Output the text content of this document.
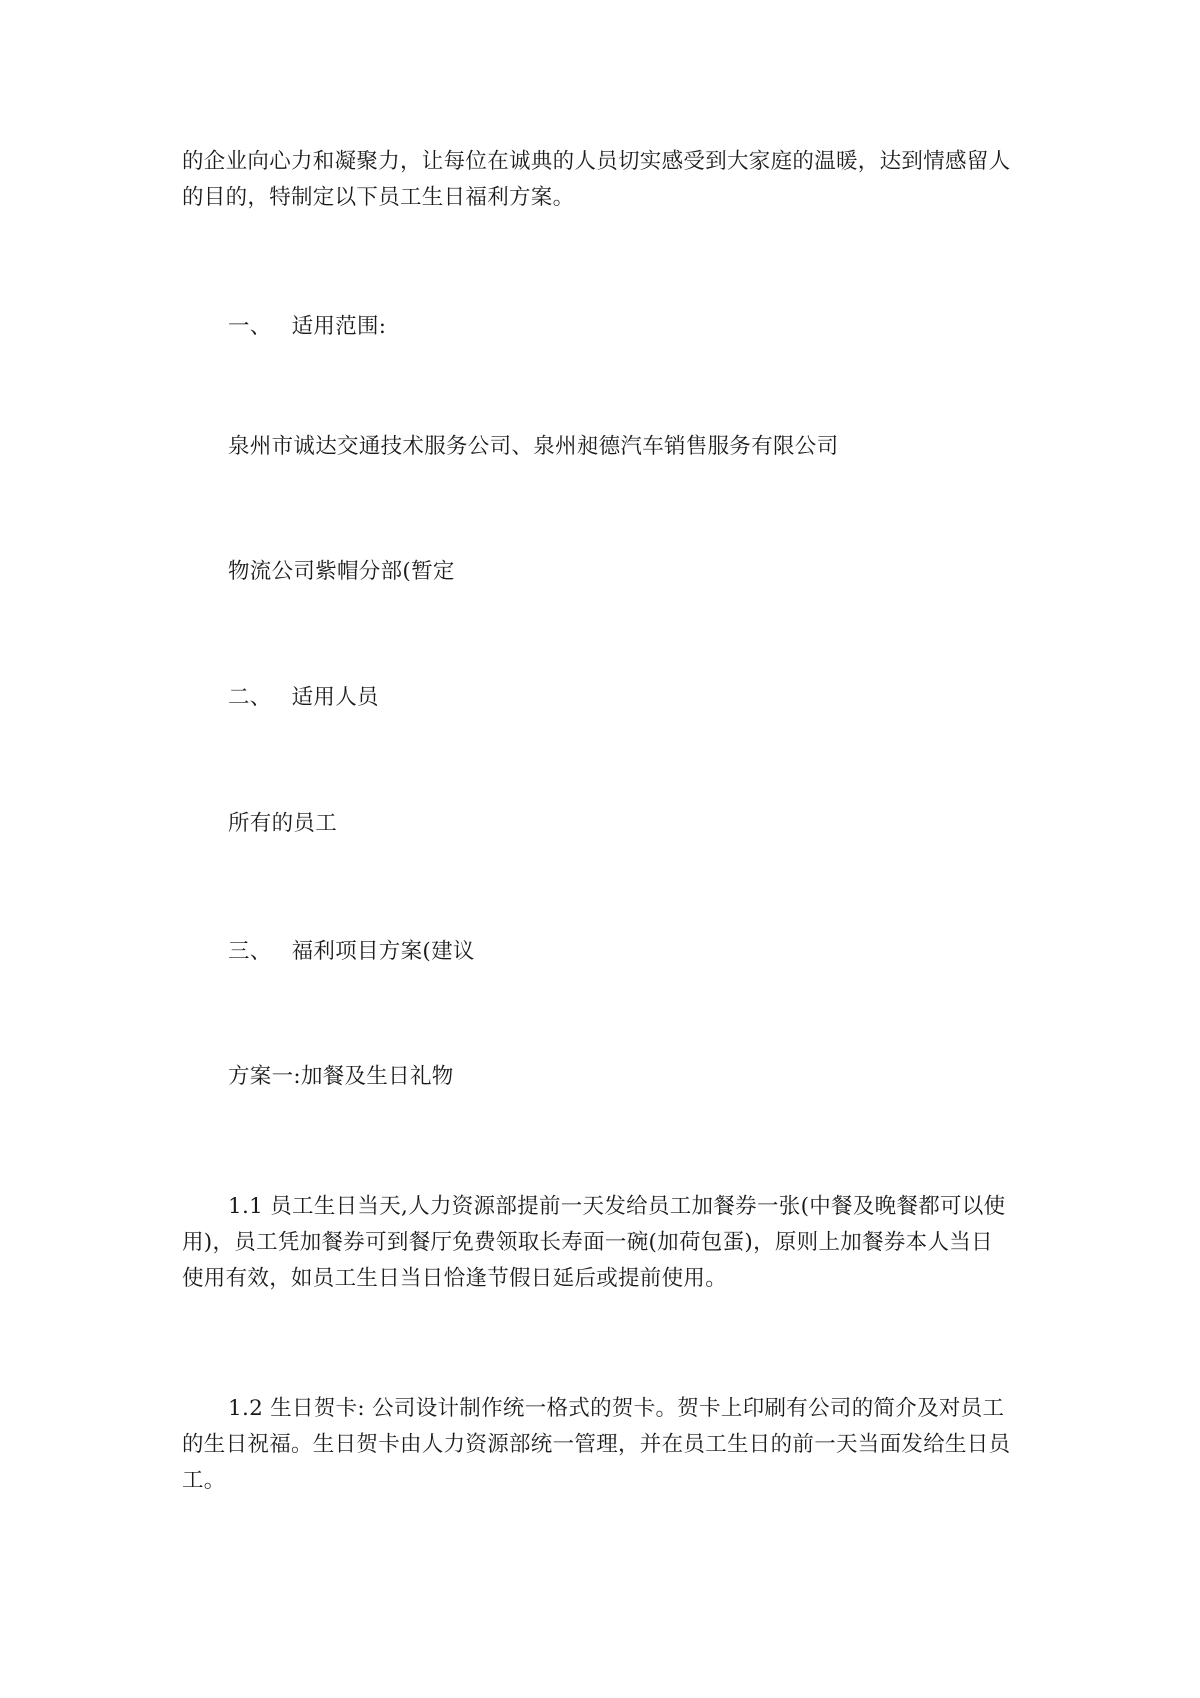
的企业向心力和凝聚力，让每位在诚典的人员切实感受到大家庭的温暖，达到情感留人
的目的，特制定以下员工生日福利方案。
一、 适用范围:
泉州市诚达交通技术服务公司、泉州昶德汽车销售服务有限公司
物流公司紫帽分部(暂定
二、 适用人员
所有的员工
三、 福利项目方案(建议
方案一:加餐及生日礼物
1.1 员工生日当天,人力资源部提前一天发给员工加餐券一张(中餐及晚餐都可以使
用)，员工凭加餐券可到餐厅免费领取长寿面一碗(加荷包蛋)，原则上加餐券本人当日
使用有效，如员工生日当日恰逢节假日延后或提前使用。
1.2 生日贺卡: 公司设计制作统一格式的贺卡。贺卡上印刷有公司的简介及对员工
的生日祝福。生日贺卡由人力资源部统一管理，并在员工生日的前一天当面发给生日员
工。
